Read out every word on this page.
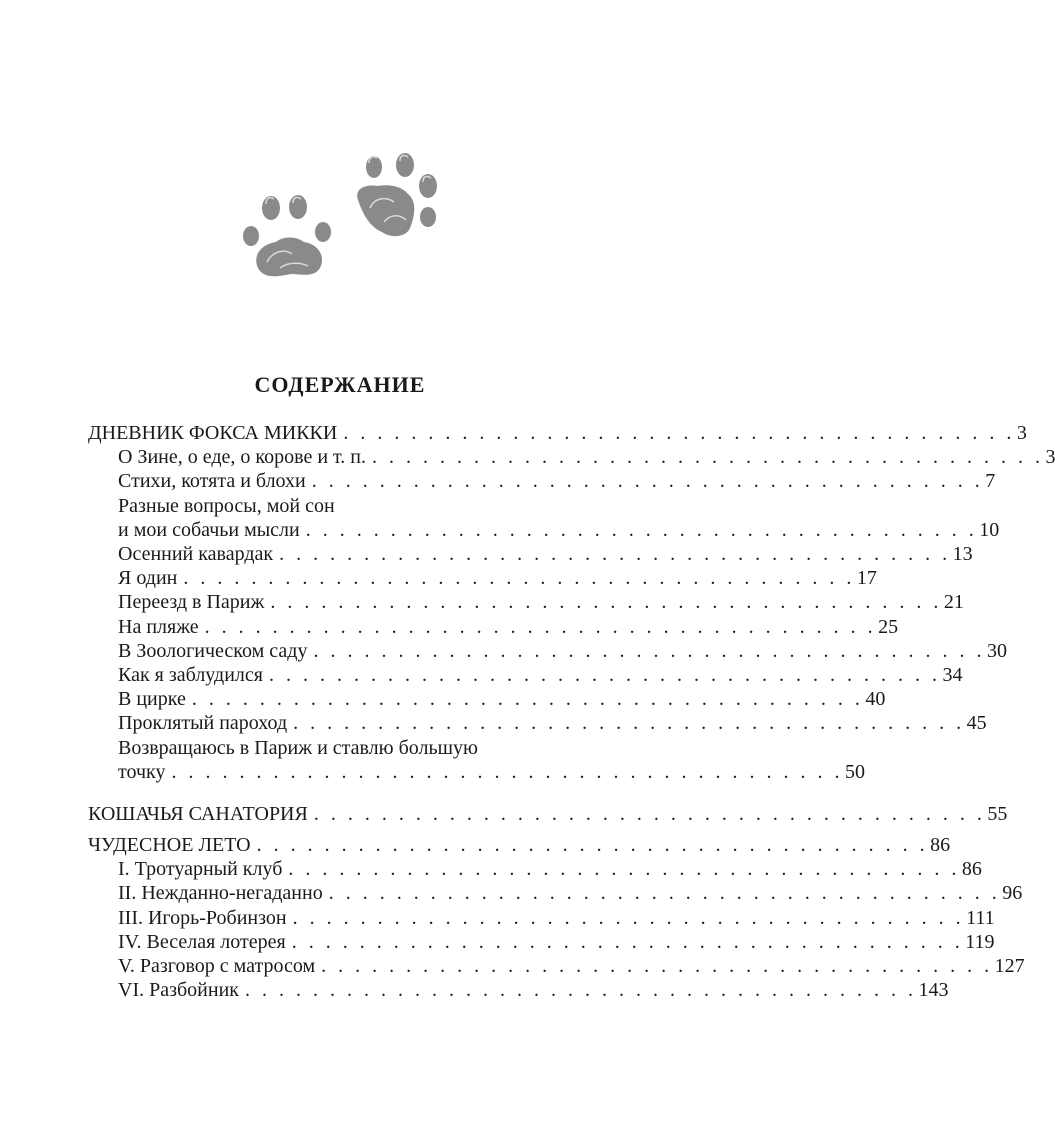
СОДЕРЖАНИЕ
ДНЕВНИК ФОКСА МИККИ . . . . . . . . . . . . . . . . . . . . . . . . . . . . . . . . . . . . . . . . 3
О Зине, о еде, о корове и т. п. . . . . . . . . . . . . . . . . . . . . . . . . . . . . . . . . . . . . . . . . 3
Стихи, котята и блохи . . . . . . . . . . . . . . . . . . . . . . . . . . . . . . . . . . . . . . . . 7
Разные вопросы, мой сон
и мои собачьи мысли . . . . . . . . . . . . . . . . . . . . . . . . . . . . . . . . . . . . . . . . 10
Осенний кавардак . . . . . . . . . . . . . . . . . . . . . . . . . . . . . . . . . . . . . . . . 13
Я один . . . . . . . . . . . . . . . . . . . . . . . . . . . . . . . . . . . . . . . . 17
Переезд в Париж . . . . . . . . . . . . . . . . . . . . . . . . . . . . . . . . . . . . . . . . 21
На пляже . . . . . . . . . . . . . . . . . . . . . . . . . . . . . . . . . . . . . . . . 25
В Зоологическом саду . . . . . . . . . . . . . . . . . . . . . . . . . . . . . . . . . . . . . . . . 30
Как я заблудился . . . . . . . . . . . . . . . . . . . . . . . . . . . . . . . . . . . . . . . . 34
В цирке . . . . . . . . . . . . . . . . . . . . . . . . . . . . . . . . . . . . . . . . 40
Проклятый пароход . . . . . . . . . . . . . . . . . . . . . . . . . . . . . . . . . . . . . . . . 45
Возвращаюсь в Париж и ставлю большую
точку . . . . . . . . . . . . . . . . . . . . . . . . . . . . . . . . . . . . . . . . 50
КОШАЧЬЯ САНАТОРИЯ . . . . . . . . . . . . . . . . . . . . . . . . . . . . . . . . . . . . . . . . 55
ЧУДЕСНОЕ ЛЕТО . . . . . . . . . . . . . . . . . . . . . . . . . . . . . . . . . . . . . . . . 86
I. Тротуарный клуб . . . . . . . . . . . . . . . . . . . . . . . . . . . . . . . . . . . . . . . . 86
II. Нежданно-негаданно . . . . . . . . . . . . . . . . . . . . . . . . . . . . . . . . . . . . . . . . 96
III. Игорь-Робинзон . . . . . . . . . . . . . . . . . . . . . . . . . . . . . . . . . . . . . . . . 111
IV. Веселая лотерея . . . . . . . . . . . . . . . . . . . . . . . . . . . . . . . . . . . . . . . . 119
V. Разговор с матросом . . . . . . . . . . . . . . . . . . . . . . . . . . . . . . . . . . . . . . . . 127
VI. Разбойник . . . . . . . . . . . . . . . . . . . . . . . . . . . . . . . . . . . . . . . . 143
